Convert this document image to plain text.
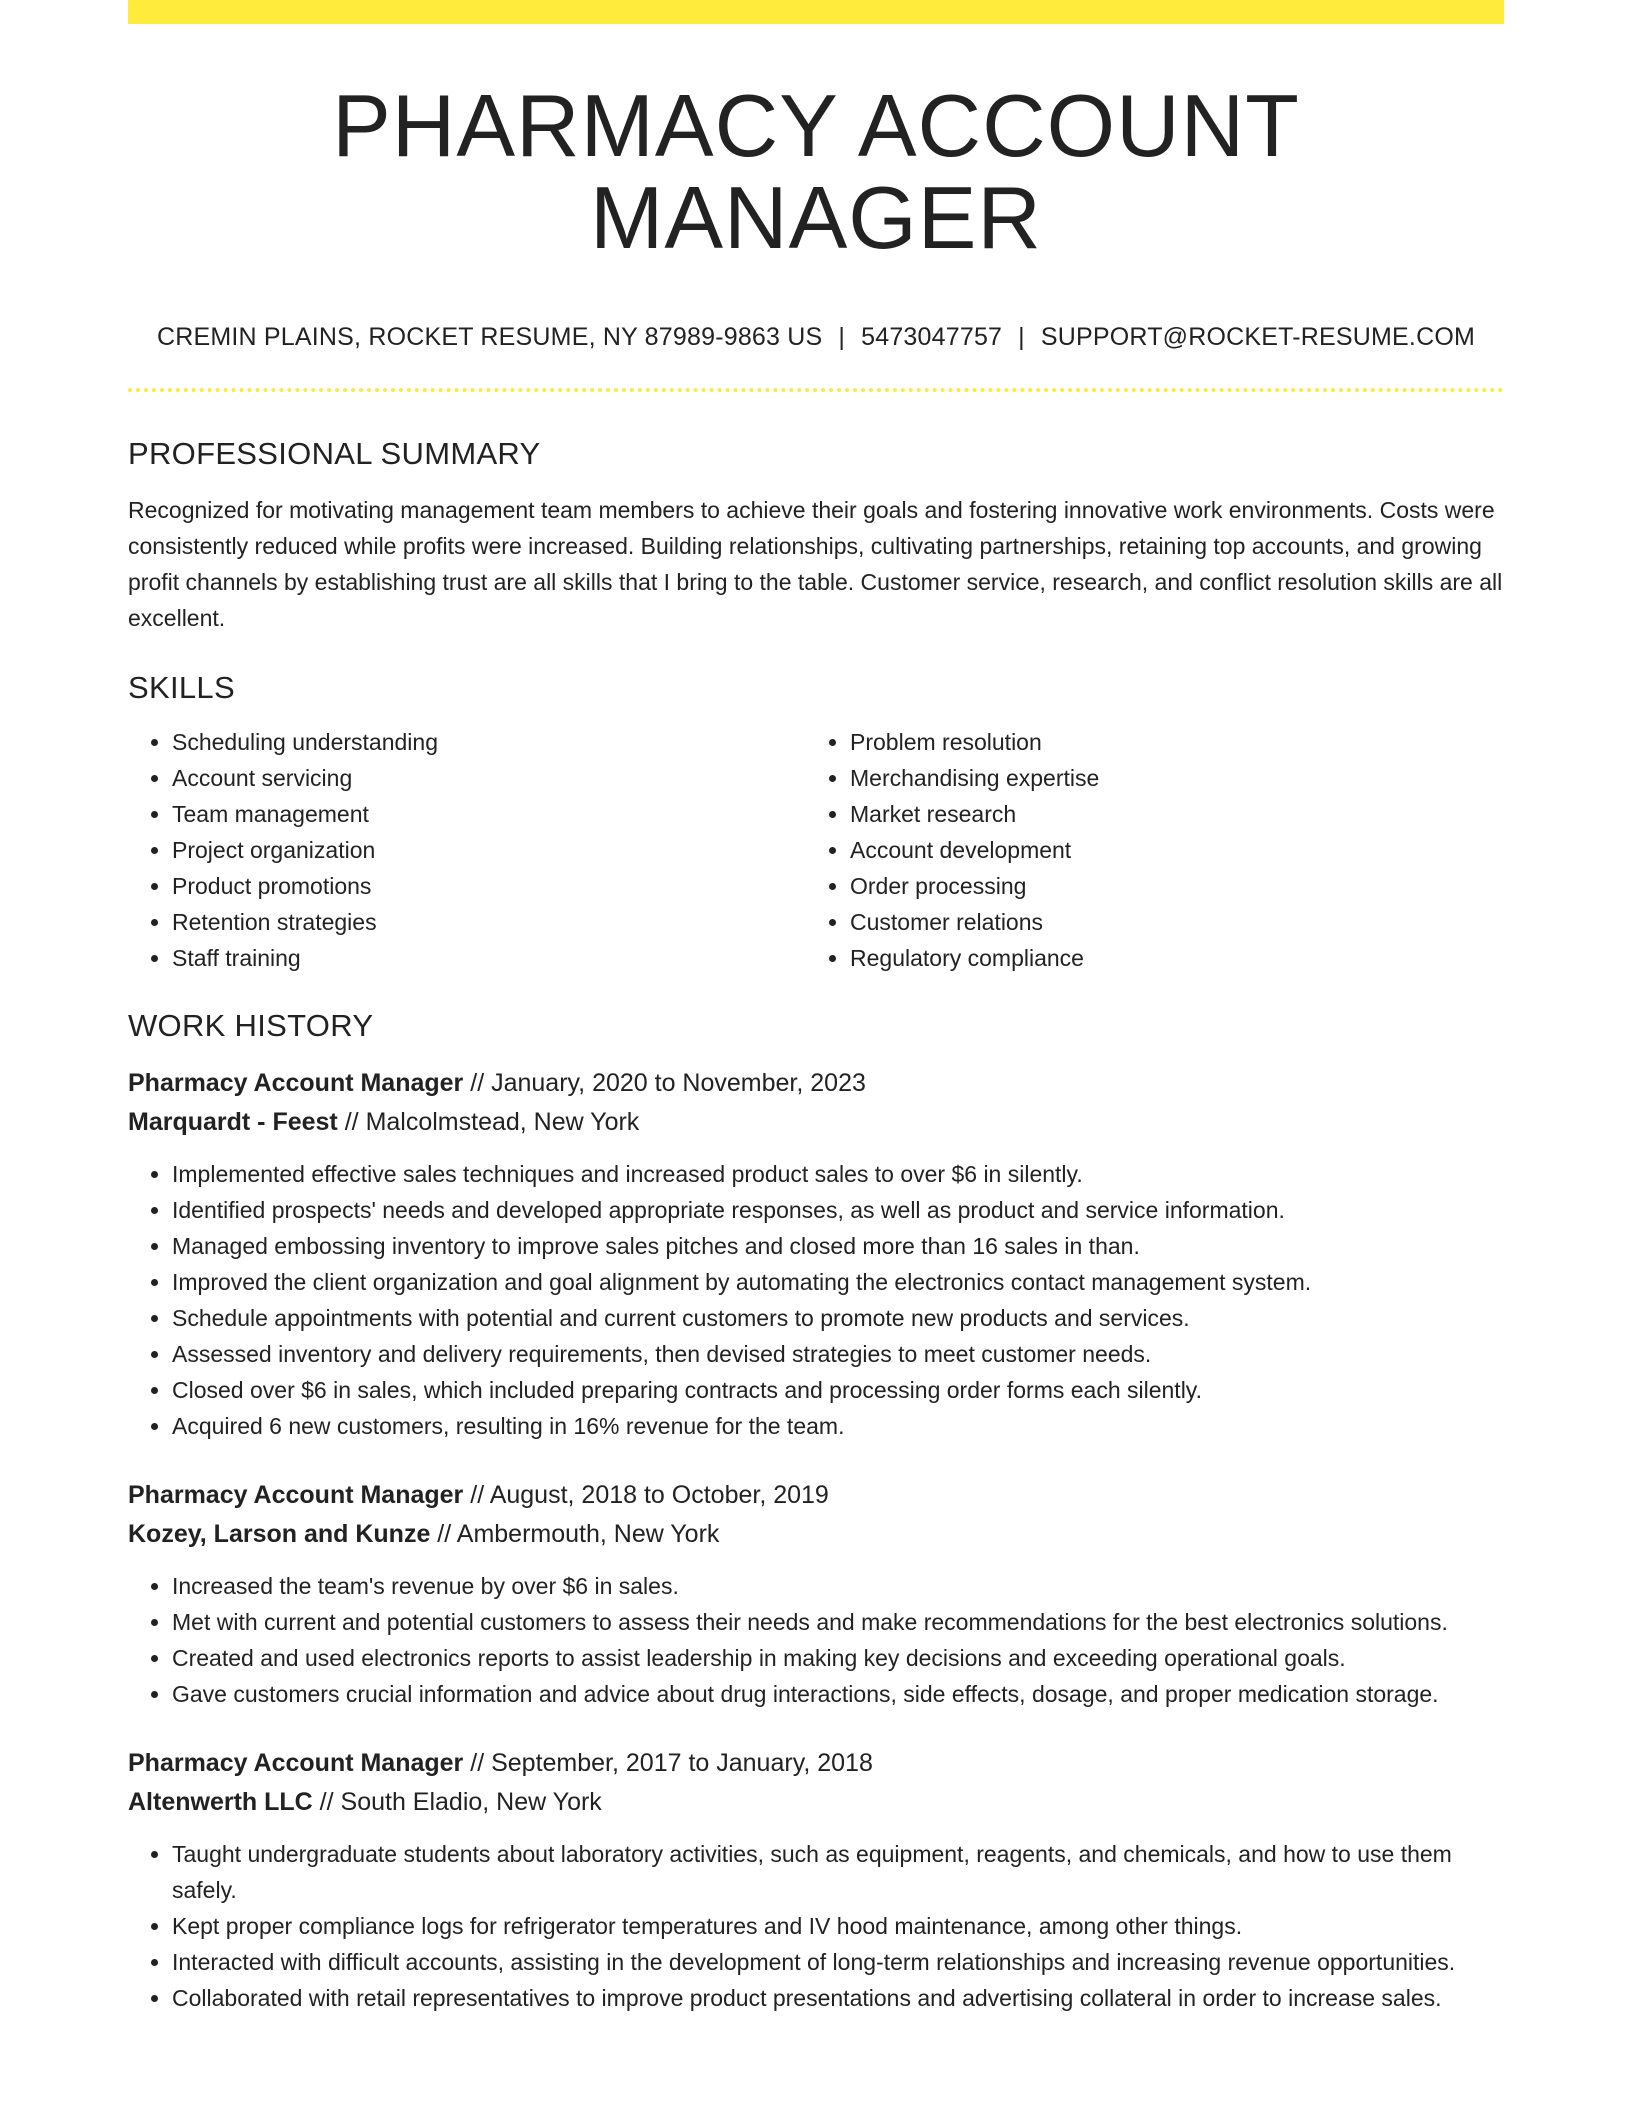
PHARMACY ACCOUNT MANAGER
CREMIN PLAINS, ROCKET RESUME, NY 87989-9863 US | 5473047757 | SUPPORT@ROCKET-RESUME.COM
PROFESSIONAL SUMMARY
Recognized for motivating management team members to achieve their goals and fostering innovative work environments. Costs were consistently reduced while profits were increased. Building relationships, cultivating partnerships, retaining top accounts, and growing profit channels by establishing trust are all skills that I bring to the table. Customer service, research, and conflict resolution skills are all excellent.
SKILLS
• Scheduling understanding
• Account servicing
• Team management
• Project organization
• Product promotions
• Retention strategies
• Staff training
• Problem resolution
• Merchandising expertise
• Market research
• Account development
• Order processing
• Customer relations
• Regulatory compliance
WORK HISTORY
Pharmacy Account Manager // January, 2020 to November, 2023
Marquardt - Feest // Malcolmstead, New York
• Implemented effective sales techniques and increased product sales to over $6 in silently.
• Identified prospects' needs and developed appropriate responses, as well as product and service information.
• Managed embossing inventory to improve sales pitches and closed more than 16 sales in than.
• Improved the client organization and goal alignment by automating the electronics contact management system.
• Schedule appointments with potential and current customers to promote new products and services.
• Assessed inventory and delivery requirements, then devised strategies to meet customer needs.
• Closed over $6 in sales, which included preparing contracts and processing order forms each silently.
• Acquired 6 new customers, resulting in 16% revenue for the team.
Pharmacy Account Manager // August, 2018 to October, 2019
Kozey, Larson and Kunze // Ambermouth, New York
• Increased the team's revenue by over $6 in sales.
• Met with current and potential customers to assess their needs and make recommendations for the best electronics solutions.
• Created and used electronics reports to assist leadership in making key decisions and exceeding operational goals.
• Gave customers crucial information and advice about drug interactions, side effects, dosage, and proper medication storage.
Pharmacy Account Manager // September, 2017 to January, 2018
Altenwerth LLC // South Eladio, New York
• Taught undergraduate students about laboratory activities, such as equipment, reagents, and chemicals, and how to use them safely.
• Kept proper compliance logs for refrigerator temperatures and IV hood maintenance, among other things.
• Interacted with difficult accounts, assisting in the development of long-term relationships and increasing revenue opportunities.
• Collaborated with retail representatives to improve product presentations and advertising collateral in order to increase sales.
